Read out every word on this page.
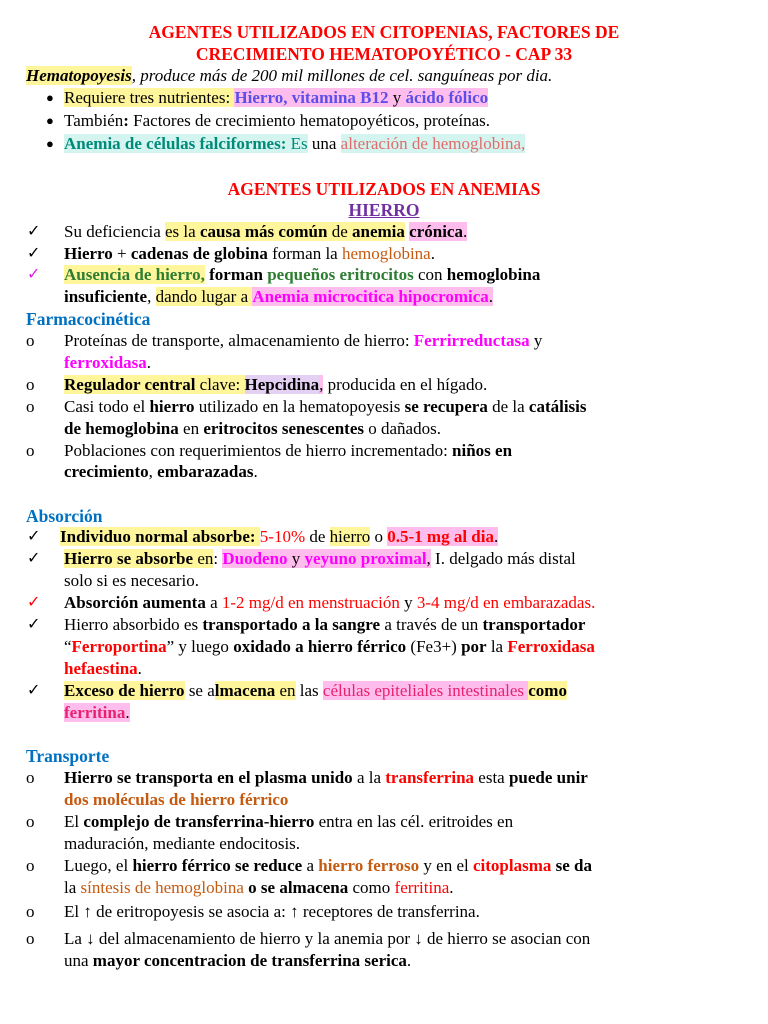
AGENTES UTILIZADOS EN CITOPENIAS, FACTORES DE
CRECIMIENTO HEMATOPOYÉTICO - CAP 33
Hematopoyesis, produce más de 200 mil millones de cel. sanguíneas por dia.
● Requiere tres nutrientes: Hierro, vitamina B12 y ácido fólico
● También: Factores de crecimiento hematopoyéticos, proteínas.
● Anemia de células falciformes: Es una alteración de hemoglobina,
AGENTES UTILIZADOS EN ANEMIAS
HIERRO
✓ Su deficiencia es la causa más común de anemia crónica.
✓ Hierro + cadenas de globina forman la hemoglobina.
✓ Ausencia de hierro, forman pequeños eritrocitos con hemoglobina
insuficiente, dando lugar a Anemia microcitica hipocromica.
Farmacocinética
o	Proteínas de transporte, almacenamiento de hierro: Ferrirreductasa y
ferroxidasa.
o	Regulador central clave: Hepcidina, producida en el hígado.
o	Casi todo el hierro utilizado en la hematopoyesis se recupera de la catálisis
de hemoglobina en eritrocitos senescentes o dañados.
o	Poblaciones con requerimientos de hierro incrementado: niños en
crecimiento, embarazadas.
Absorción
✓ Individuo normal absorbe: 5-10% de hierro o 0.5-1 mg al dia.
✓ Hierro se absorbe en: Duodeno y yeyuno proximal, I. delgado más distal
solo si es necesario.
✓ Absorción aumenta a 1-2 mg/d en menstruación y 3-4 mg/d en embarazadas.
✓ Hierro absorbido es transportado a la sangre a través de un transportador
“Ferroportina” y luego oxidado a hierro férrico (Fe3+) por la Ferroxidasa
hefaestina.
✓ Exceso de hierro se almacena en las células epiteliales intestinales como
ferritina.
Transporte
o	Hierro se transporta en el plasma unido a la transferrina esta puede unir
dos moléculas de hierro férrico
o	El complejo de transferrina-hierro entra en las cél. eritroides en
maduración, mediante endocitosis.
o	Luego, el hierro férrico se reduce a hierro ferroso y en el citoplasma se da
la síntesis de hemoglobina o se almacena como ferritina.
o	El ↑ de eritropoyesis se asocia a: ↑ receptores de transferrina.
o	La ↓ del almacenamiento de hierro y la anemia por ↓ de hierro se asocian con
una mayor concentracion de transferrina serica.
